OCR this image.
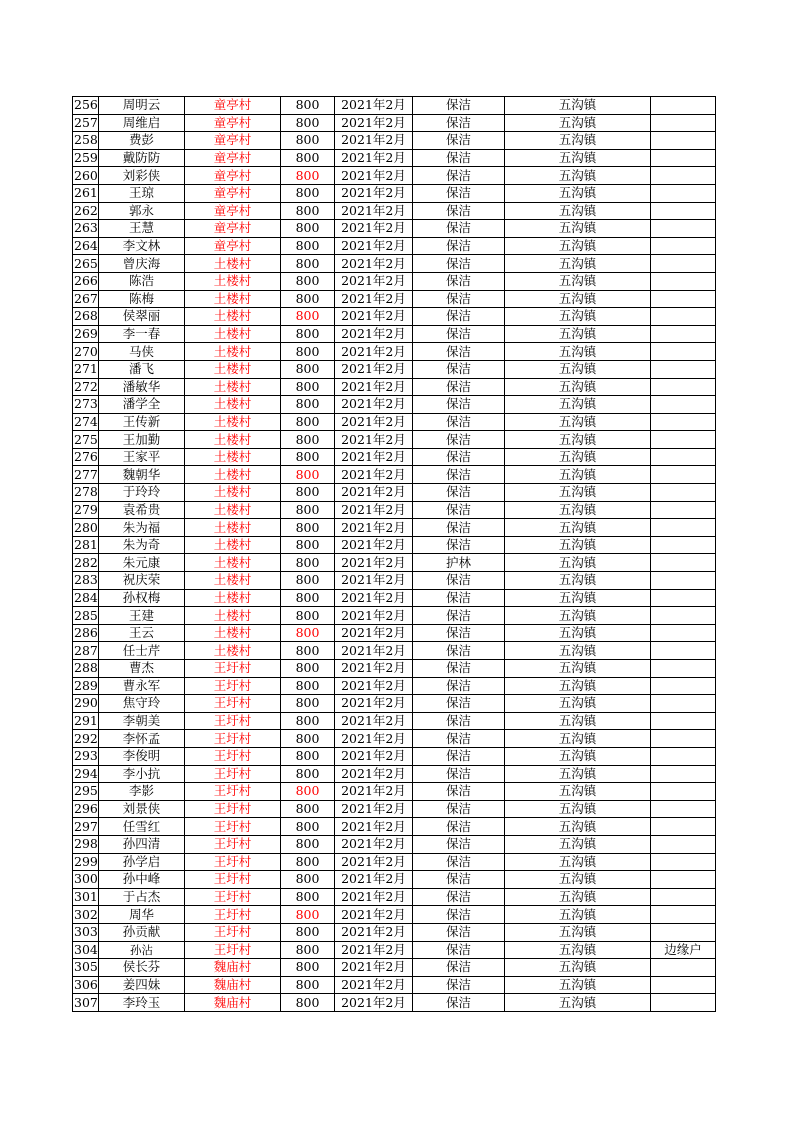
256	周明云	童亭村	800	2021年2月	保洁	五沟镇	
257	周维启	童亭村	800	2021年2月	保洁	五沟镇	
258	费彭	童亭村	800	2021年2月	保洁	五沟镇	
259	戴防防	童亭村	800	2021年2月	保洁	五沟镇	
260	刘彩侠	童亭村	800	2021年2月	保洁	五沟镇	
261	王琼	童亭村	800	2021年2月	保洁	五沟镇	
262	郭永	童亭村	800	2021年2月	保洁	五沟镇	
263	王慧	童亭村	800	2021年2月	保洁	五沟镇	
264	李文林	童亭村	800	2021年2月	保洁	五沟镇	
265	曾庆海	土楼村	800	2021年2月	保洁	五沟镇	
266	陈浩	土楼村	800	2021年2月	保洁	五沟镇	
267	陈梅	土楼村	800	2021年2月	保洁	五沟镇	
268	侯翠丽	土楼村	800	2021年2月	保洁	五沟镇	
269	李一春	土楼村	800	2021年2月	保洁	五沟镇	
270	马侠	土楼村	800	2021年2月	保洁	五沟镇	
271	潘飞	土楼村	800	2021年2月	保洁	五沟镇	
272	潘敏华	土楼村	800	2021年2月	保洁	五沟镇	
273	潘学全	土楼村	800	2021年2月	保洁	五沟镇	
274	王传新	土楼村	800	2021年2月	保洁	五沟镇	
275	王加勤	土楼村	800	2021年2月	保洁	五沟镇	
276	王家平	土楼村	800	2021年2月	保洁	五沟镇	
277	魏朝华	土楼村	800	2021年2月	保洁	五沟镇	
278	于玲玲	土楼村	800	2021年2月	保洁	五沟镇	
279	袁希贵	土楼村	800	2021年2月	保洁	五沟镇	
280	朱为福	土楼村	800	2021年2月	保洁	五沟镇	
281	朱为奇	土楼村	800	2021年2月	保洁	五沟镇	
282	朱元康	土楼村	800	2021年2月	护林	五沟镇	
283	祝庆荣	土楼村	800	2021年2月	保洁	五沟镇	
284	孙权梅	土楼村	800	2021年2月	保洁	五沟镇	
285	王建	土楼村	800	2021年2月	保洁	五沟镇	
286	王云	土楼村	800	2021年2月	保洁	五沟镇	
287	任士芹	土楼村	800	2021年2月	保洁	五沟镇	
288	曹杰	王圩村	800	2021年2月	保洁	五沟镇	
289	曹永军	王圩村	800	2021年2月	保洁	五沟镇	
290	焦守玲	王圩村	800	2021年2月	保洁	五沟镇	
291	李朝美	王圩村	800	2021年2月	保洁	五沟镇	
292	李怀孟	王圩村	800	2021年2月	保洁	五沟镇	
293	李俊明	王圩村	800	2021年2月	保洁	五沟镇	
294	李小抗	王圩村	800	2021年2月	保洁	五沟镇	
295	李影	王圩村	800	2021年2月	保洁	五沟镇	
296	刘景侠	王圩村	800	2021年2月	保洁	五沟镇	
297	任雪红	王圩村	800	2021年2月	保洁	五沟镇	
298	孙四清	王圩村	800	2021年2月	保洁	五沟镇	
299	孙学启	王圩村	800	2021年2月	保洁	五沟镇	
300	孙中峰	王圩村	800	2021年2月	保洁	五沟镇	
301	于占杰	王圩村	800	2021年2月	保洁	五沟镇	
302	周华	王圩村	800	2021年2月	保洁	五沟镇	
303	孙贡献	王圩村	800	2021年2月	保洁	五沟镇	
304	孙沾	王圩村	800	2021年2月	保洁	五沟镇	边缘户
305	侯长芬	魏庙村	800	2021年2月	保洁	五沟镇	
306	姜四妹	魏庙村	800	2021年2月	保洁	五沟镇	
307	李玲玉	魏庙村	800	2021年2月	保洁	五沟镇	
